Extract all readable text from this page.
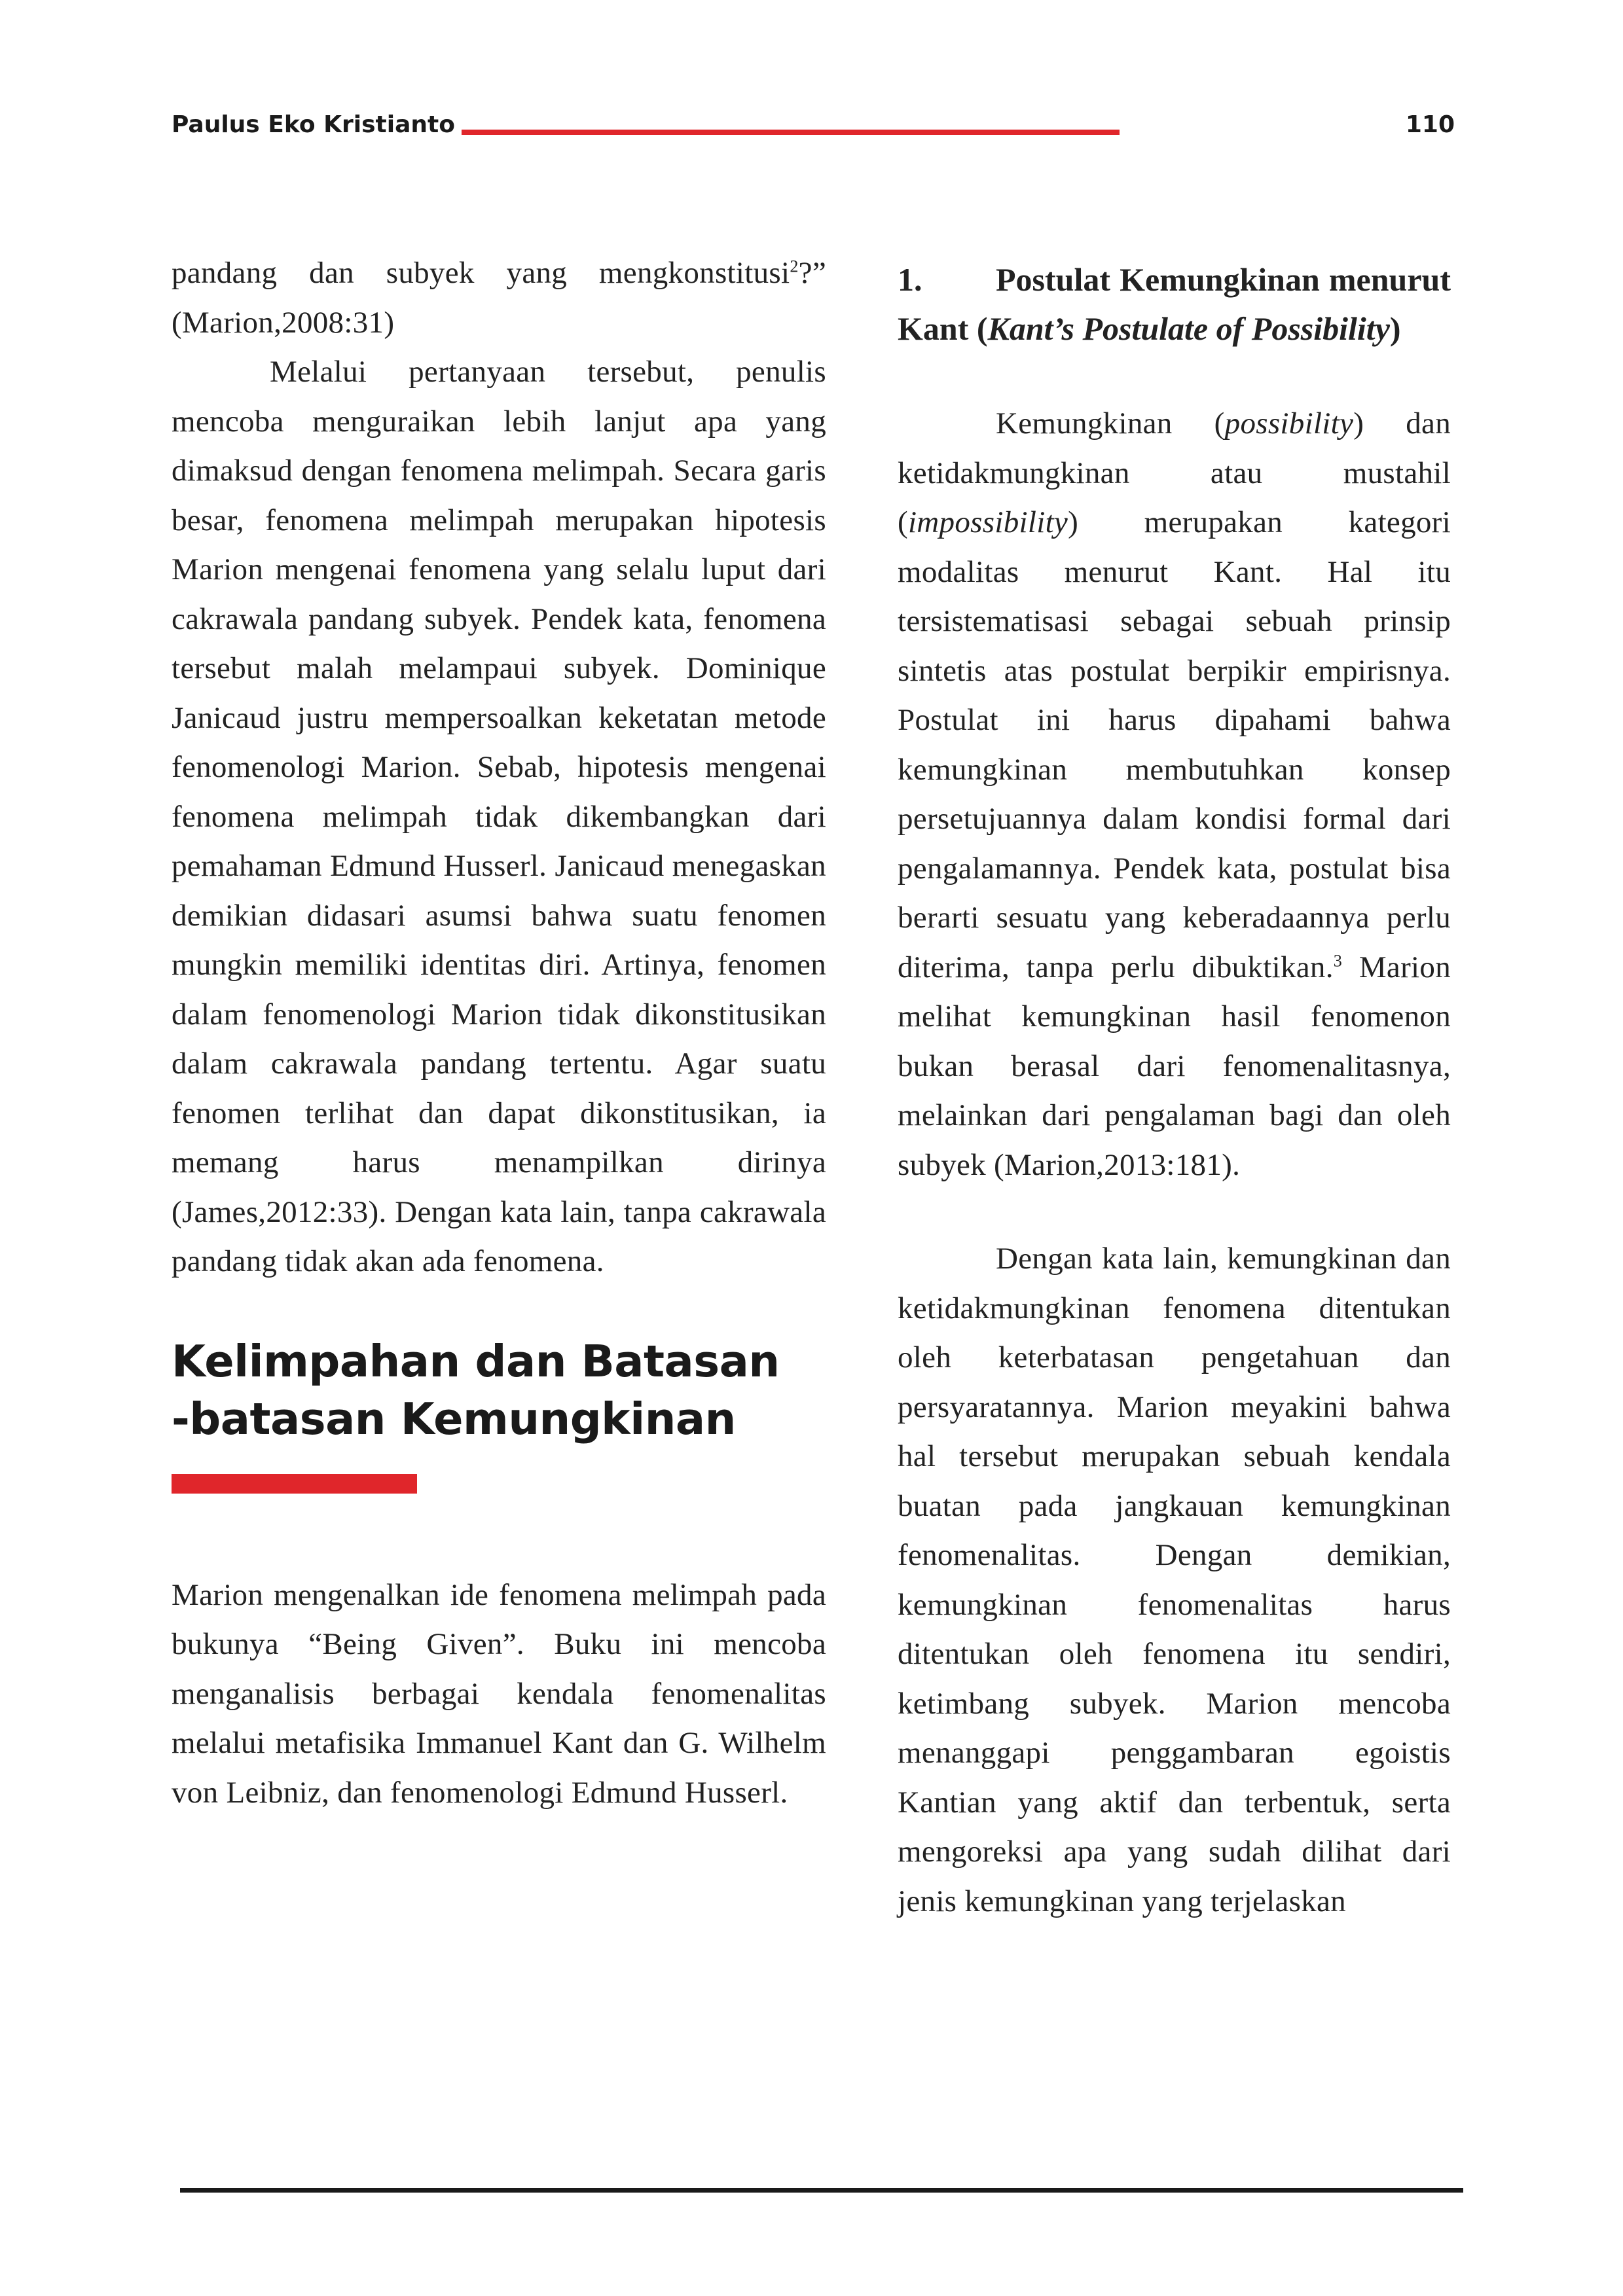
Paulus Eko Kristianto	110

pandang dan subyek yang mengkonstitusi$^2$?” (Marion,2008:31)

Melalui pertanyaan tersebut, penulis mencoba menguraikan lebih lanjut apa yang dimaksud dengan fenomena melimpah. Secara garis besar, fenomena melimpah merupakan hipotesis Marion mengenai fenomena yang selalu luput dari cakrawala pandang subyek. Pendek kata, fenomena tersebut malah melampaui subyek. Dominique Janicaud justru mempersoalkan keketatan metode fenomenologi Marion. Sebab, hipotesis mengenai fenomena melimpah tidak dikembangkan dari pemahaman Edmund Husserl. Janicaud menegaskan demikian didasari asumsi bahwa suatu fenomen mungkin memiliki identitas diri. Artinya, fenomen dalam fenomenologi Marion tidak dikonstitusikan dalam cakrawala pandang tertentu. Agar suatu fenomen terlihat dan dapat dikonstitusikan, ia memang harus menampilkan dirinya (James,2012:33). Dengan kata lain, tanpa cakrawala pandang tidak akan ada fenomena.

Kelimpahan dan Batasan
-batasan Kemungkinan

Marion mengenalkan ide fenomena melimpah pada bukunya “Being Given”. Buku ini mencoba menganalisis berbagai kendala fenomenalitas melalui metafisika Immanuel Kant dan G. Wilhelm von Leibniz, dan fenomenologi Edmund Husserl.

1. Postulat Kemungkinan menurut Kant (Kant’s Postulate of Possibility)

Kemungkinan (possibility) dan ketidakmungkinan atau mustahil (impossibility) merupakan kategori modalitas menurut Kant. Hal itu tersistematisasi sebagai sebuah prinsip sintetis atas postulat berpikir empirisnya. Postulat ini harus dipahami bahwa kemungkinan membutuhkan konsep persetujuannya dalam kondisi formal dari pengalamannya. Pendek kata, postulat bisa berarti sesuatu yang keberadaannya perlu diterima, tanpa perlu dibuktikan.$^3$ Marion melihat kemungkinan hasil fenomenon bukan berasal dari fenomenalitasnya, melainkan dari pengalaman bagi dan oleh subyek (Marion,2013:181).

Dengan kata lain, kemungkinan dan ketidakmungkinan fenomena ditentukan oleh keterbatasan pengetahuan dan persyaratannya. Marion meyakini bahwa hal tersebut merupakan sebuah kendala buatan pada jangkauan kemungkinan fenomenalitas. Dengan demikian, kemungkinan fenomenalitas harus ditentukan oleh fenomena itu sendiri, ketimbang subyek. Marion mencoba menanggapi penggambaran egoistis Kantian yang aktif dan terbentuk, serta mengoreksi apa yang sudah dilihat dari jenis kemungkinan yang terjelaskan
